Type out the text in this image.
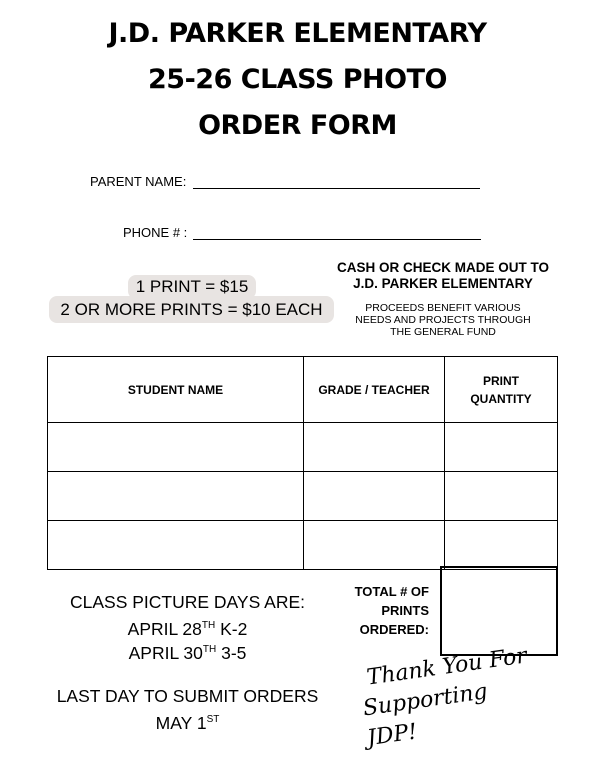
J.D. PARKER ELEMENTARY
25-26 CLASS PHOTO
ORDER FORM
PARENT NAME:
PHONE # :
1 PRINT = $15
2 OR MORE PRINTS = $10 EACH
CASH OR CHECK MADE OUT TO
J.D. PARKER ELEMENTARY
PROCEEDS BENEFIT VARIOUS
NEEDS AND PROJECTS THROUGH
THE GENERAL FUND
STUDENT NAME	GRADE / TEACHER	PRINT
QUANTITY

CLASS PICTURE DAYS ARE:
APRIL 28TH K-2
APRIL 30TH 3-5
LAST DAY TO SUBMIT ORDERS
MAY 1ST
TOTAL # OF
PRINTS
ORDERED:
Thank You For
Supporting JDP!
